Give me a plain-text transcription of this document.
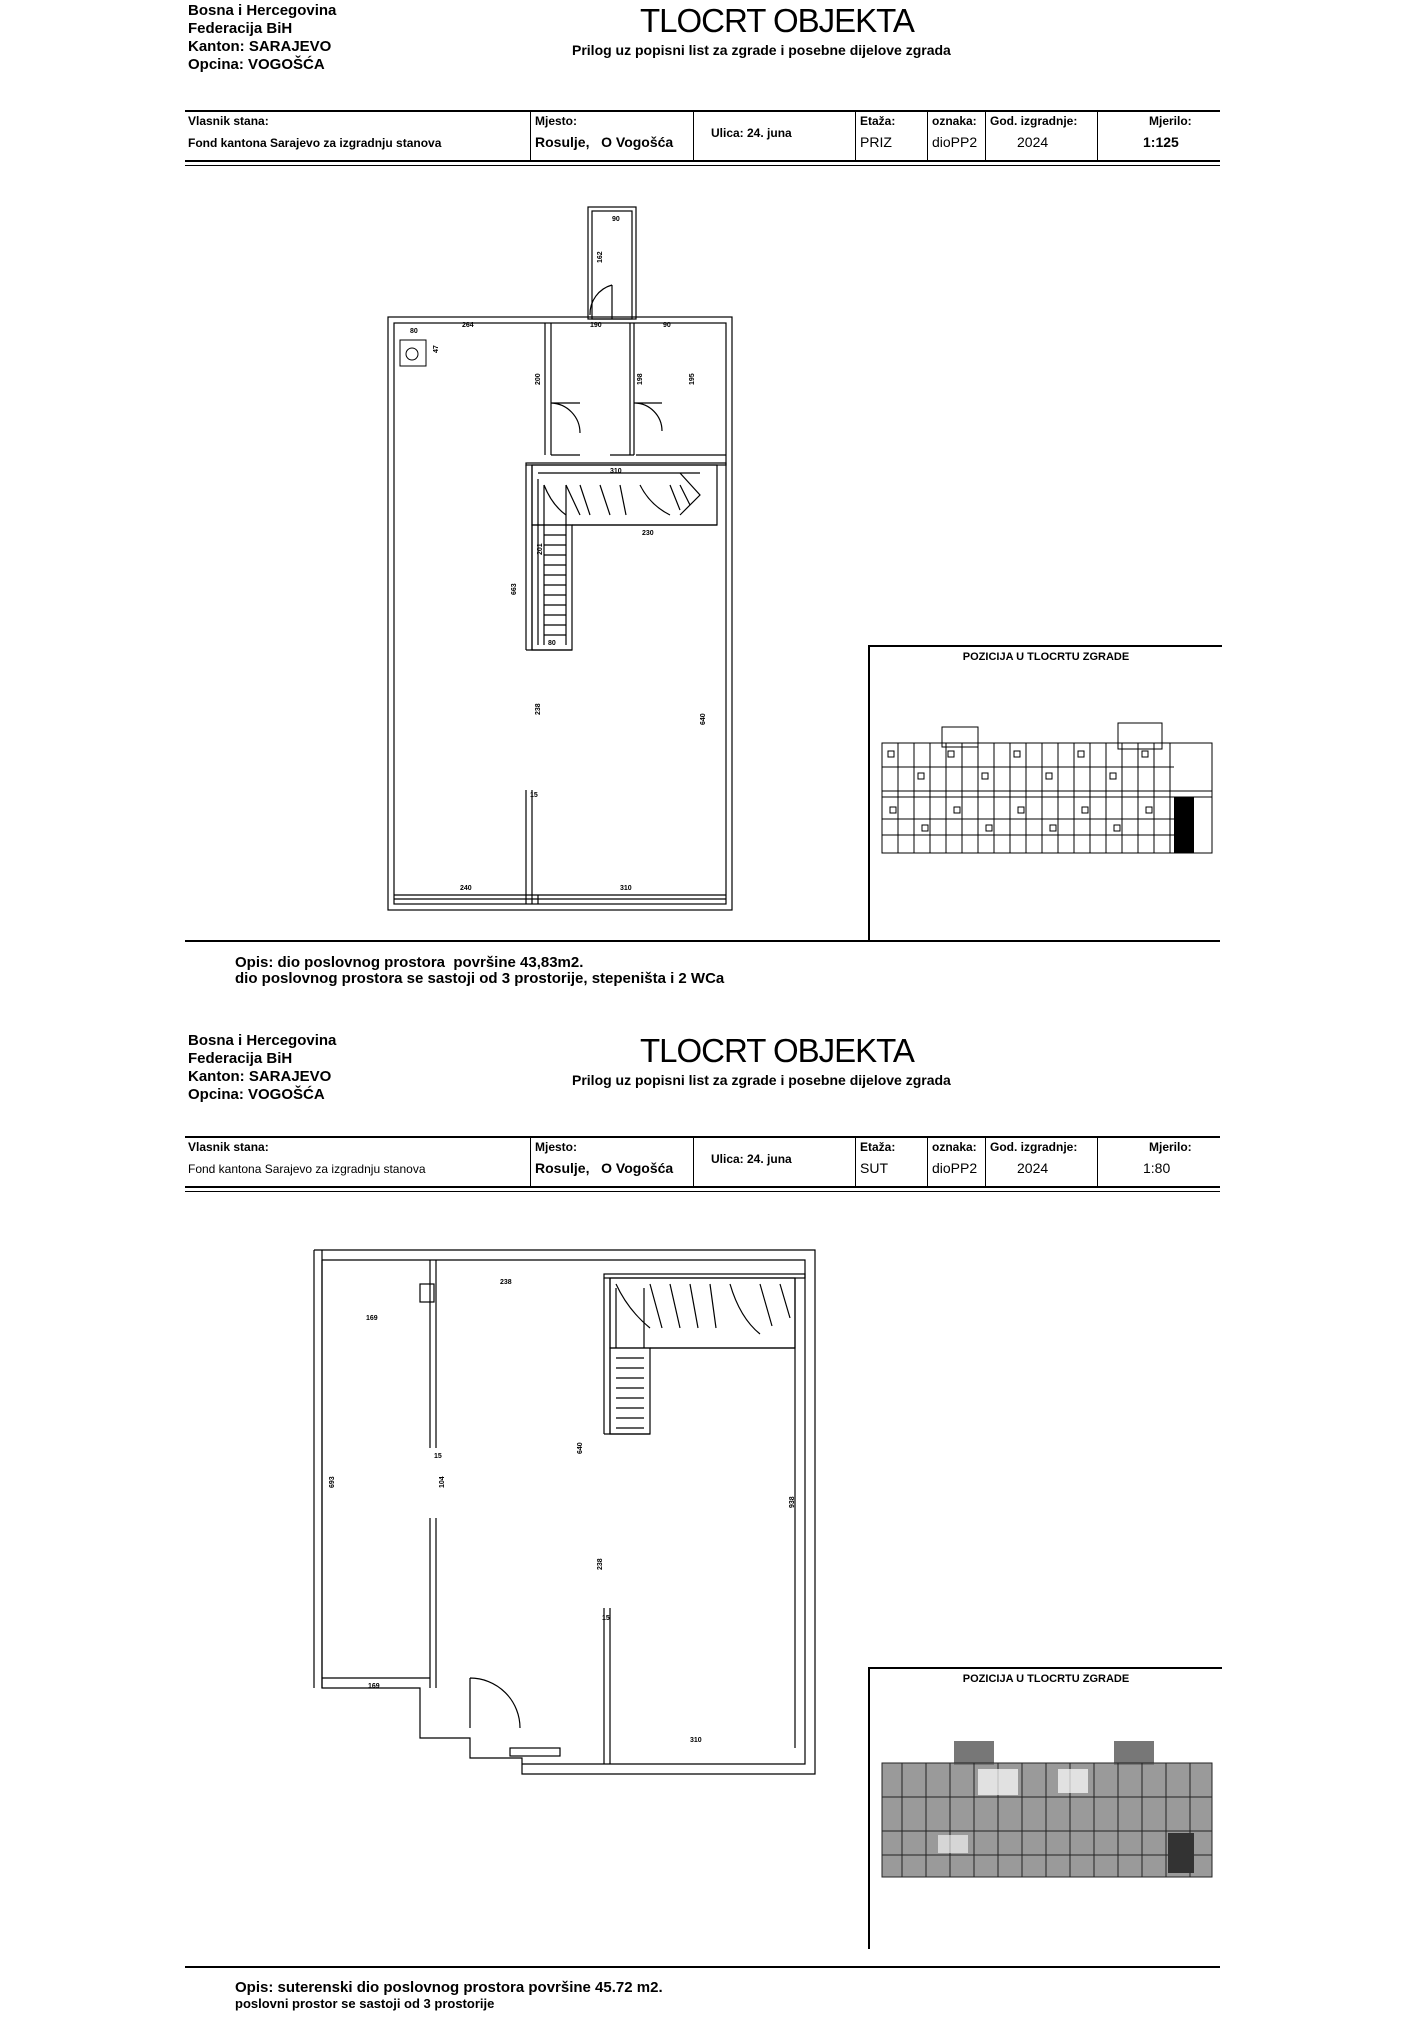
Bosna i Hercegovina
Federacija BiH
Kanton: SARAJEVO
Opcina: VOGOŠĆA
TLOCRT OBJEKTA
Prilog uz popisni list za zgrade i posebne dijelove zgrada
Vlasnik stana:
Fond kantona Sarajevo za izgradnju stanova
Mjesto:
Rosulje,   O Vogošća
Ulica: 24. juna
Etaža:
PRIZ
oznaka:
dioPP2
God. izgradnje:
2024
Mjerilo:
1:125
90
162
264	190	90
200	198	195
80
47
310
230
201
663
80
238
640
15
240	310
POZICIJA U TLOCRTU ZGRADE
Opis: dio poslovnog prostora  površine 43,83m2.
dio poslovnog prostora se sastoji od 3 prostorije, stepeništa i 2 WCa
Bosna i Hercegovina
Federacija BiH
Kanton: SARAJEVO
Opcina: VOGOŠĆA
TLOCRT OBJEKTA
Prilog uz popisni list za zgrade i posebne dijelove zgrada
Vlasnik stana:
Fond kantona Sarajevo za izgradnju stanova
Mjesto:
Rosulje,   O Vogošća
Ulica: 24. juna
Etaža:
SUT
oznaka:
dioPP2
God. izgradnje:
2024
Mjerilo:
1:80
169
238
15
104
640
693
938
238
15
169
310
POZICIJA U TLOCRTU ZGRADE
Opis: suterenski dio poslovnog prostora površine 45.72 m2.
poslovni prostor se sastoji od 3 prostorije
